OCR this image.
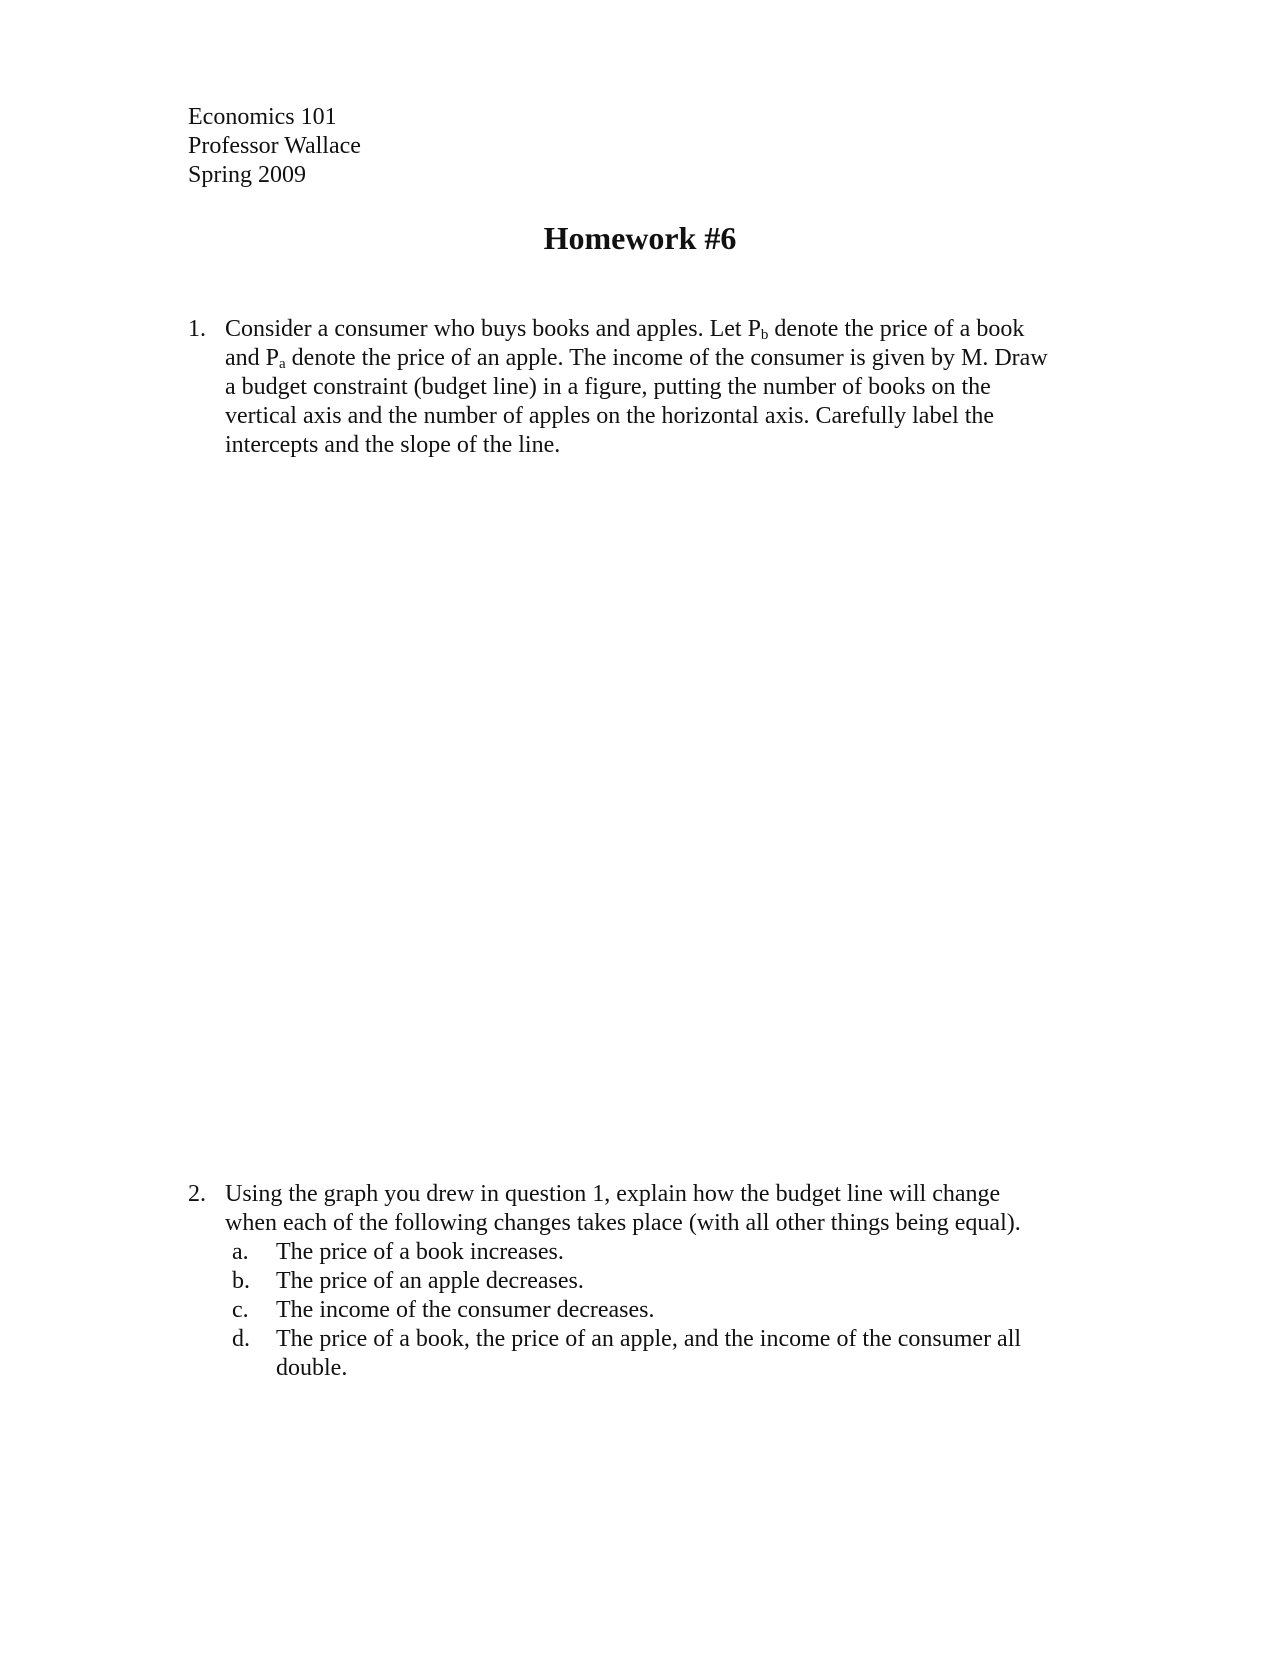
Economics 101
Professor Wallace
Spring 2009
Homework #6
1. Consider a consumer who buys books and apples. Let $P_b$ denote the price of a book
and $P_a$ denote the price of an apple. The income of the consumer is given by M. Draw
a budget constraint (budget line) in a figure, putting the number of books on the
vertical axis and the number of apples on the horizontal axis. Carefully label the
intercepts and the slope of the line.
2. Using the graph you drew in question 1, explain how the budget line will change
when each of the following changes takes place (with all other things being equal).
a.	The price of a book increases.
b.	The price of an apple decreases.
c.	The income of the consumer decreases.
d.	The price of a book, the price of an apple, and the income of the consumer all double.
